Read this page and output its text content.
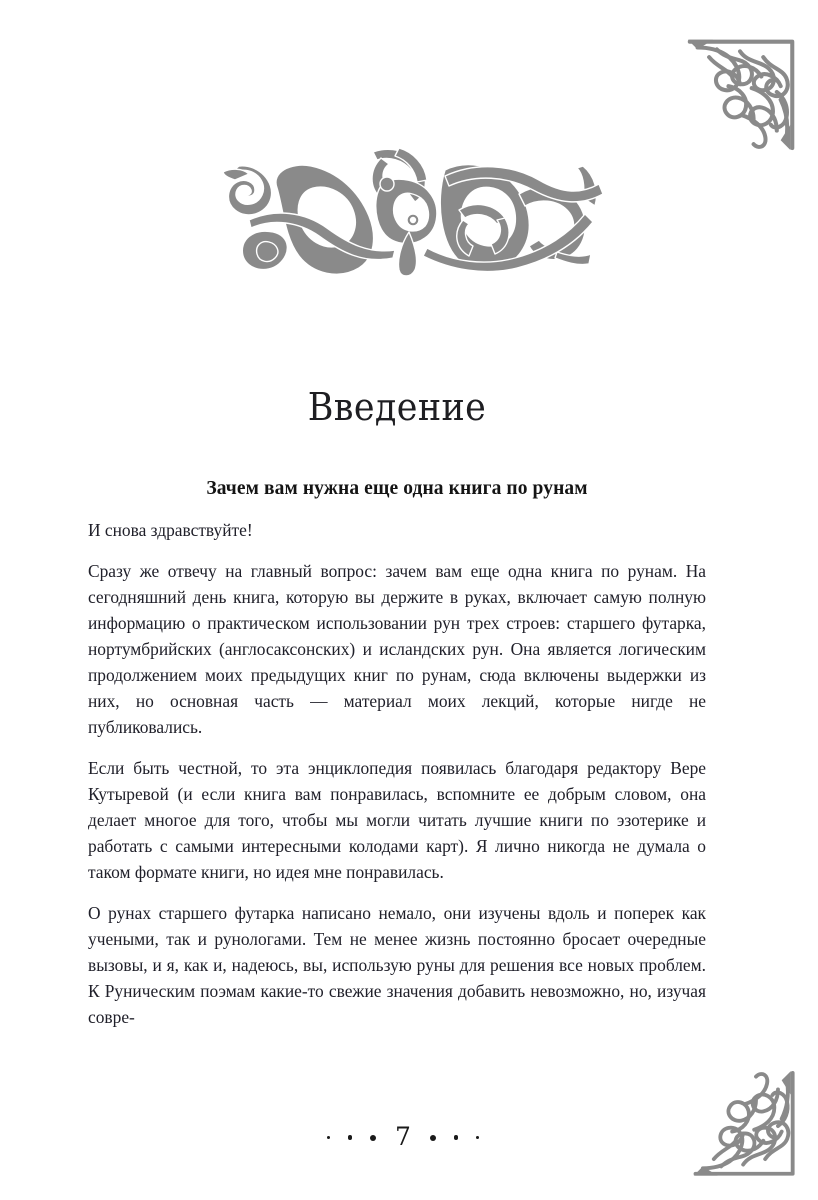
Введение
Зачем вам нужна еще одна книга по рунам

И снова здравствуйте!

Сразу же отвечу на главный вопрос: зачем вам еще одна книга по рунам. На сегодняшний день книга, которую вы держите в руках, включает самую полную информацию о практическом использовании рун трех строев: старшего футарка, нортумбрийских (англосаксонских) и исландских рун. Она является логическим продолжением моих предыдущих книг по рунам, сюда включены выдержки из них, но основная часть — материал моих лекций, которые нигде не публиковались.

Если быть честной, то эта энциклопедия появилась благодаря редактору Вере Кутыревой (и если книга вам понравилась, вспомните ее добрым словом, она делает многое для того, чтобы мы могли читать лучшие книги по эзотерике и работать с самыми интересными колодами карт). Я лично никогда не думала о таком формате книги, но идея мне понравилась.

О рунах старшего футарка написано немало, они изучены вдоль и поперек как учеными, так и рунологами. Тем не менее жизнь постоянно бросает очередные вызовы, и я, как и, надеюсь, вы, использую руны для решения все новых проблем. К Руническим поэмам какие-то свежие значения добавить невозможно, но, изучая совре-

7
